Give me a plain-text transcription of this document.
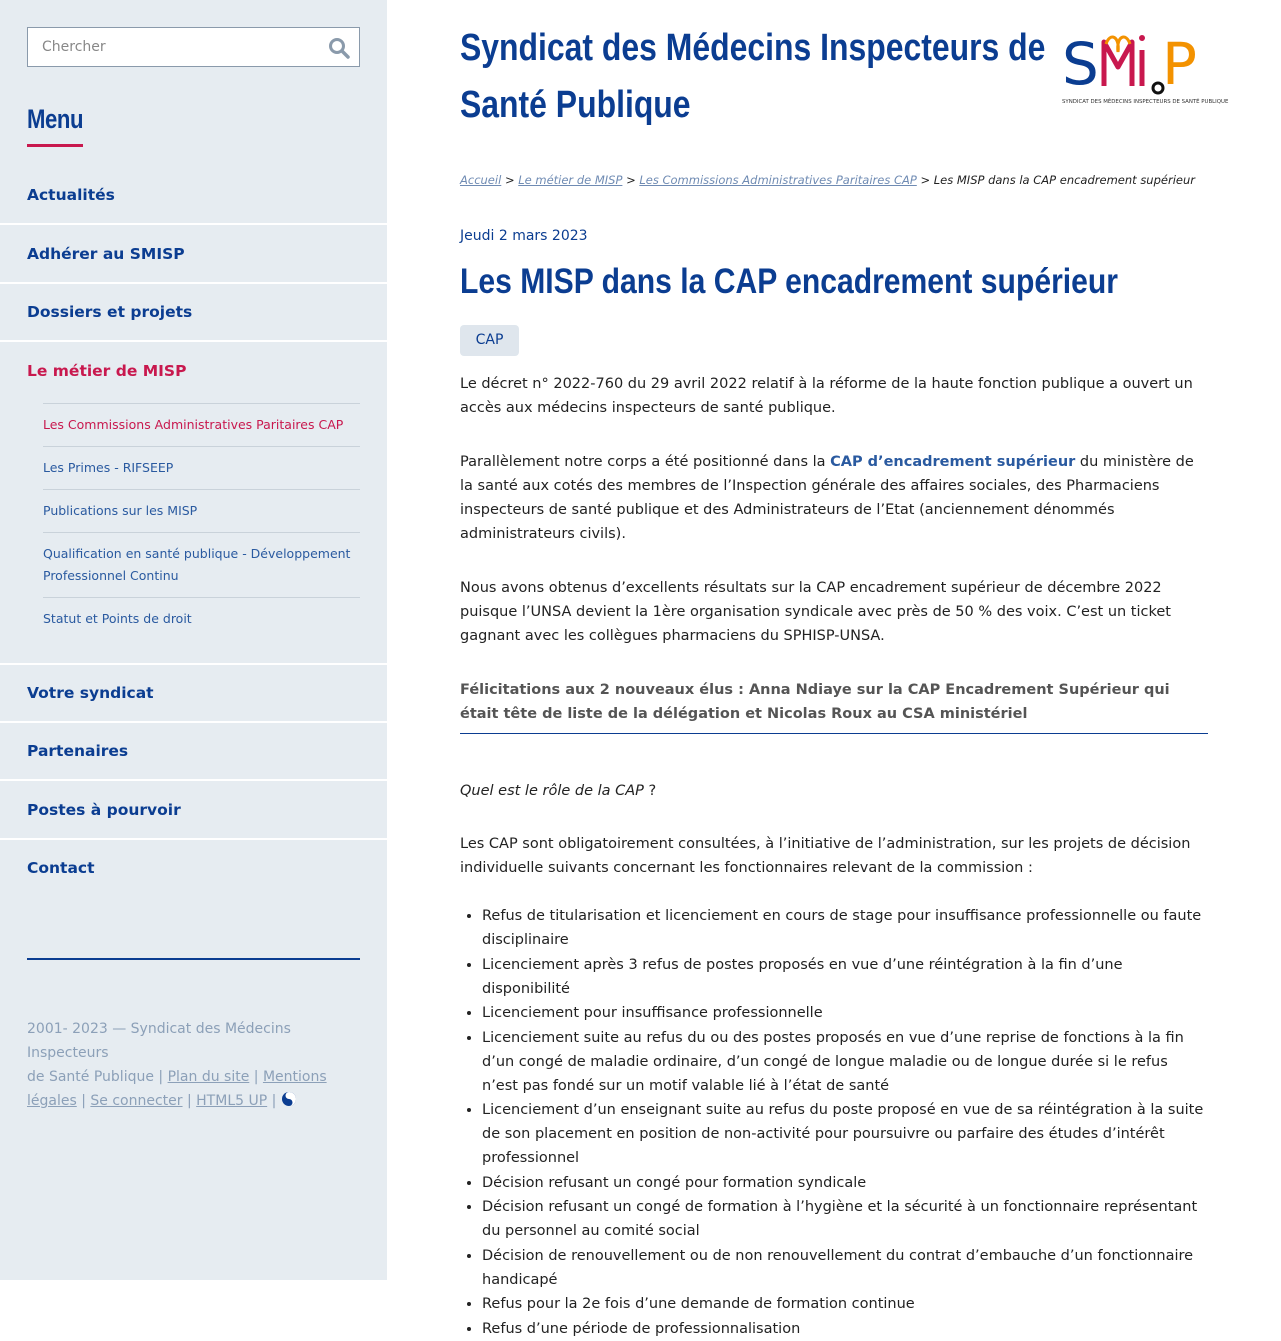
Chercher
Menu
Actualités
Adhérer au SMISP
Dossiers et projets
Le métier de MISP
Les Commissions Administratives Paritaires CAP
Les Primes - RIFSEEP
Publications sur les MISP
Qualification en santé publique - Développement Professionnel Continu
Statut et Points de droit
Votre syndicat
Partenaires
Postes à pourvoir
Contact
2001- 2023 — Syndicat des Médecins Inspecteurs
de Santé Publique | Plan du site | Mentions légales | Se connecter | HTML5 UP |
Syndicat des Médecins Inspecteurs de Santé Publique
S P
SYNDICAT DES MÉDECINS INSPECTEURS DE SANTÉ PUBLIQUE
Accueil > Le métier de MISP > Les Commissions Administratives Paritaires CAP > Les MISP dans la CAP encadrement supérieur
Jeudi 2 mars 2023
Les MISP dans la CAP encadrement supérieur
CAP

Le décret n° 2022-760 du 29 avril 2022 relatif à la réforme de la haute fonction publique a ouvert un accès aux médecins inspecteurs de santé publique.

Parallèlement notre corps a été positionné dans la CAP d’encadrement supérieur du ministère de la santé aux cotés des membres de l’Inspection générale des affaires sociales, des Pharmaciens inspecteurs de santé publique et des Administrateurs de l’Etat (anciennement dénommés administrateurs civils).

Nous avons obtenus d’excellents résultats sur la CAP encadrement supérieur de décembre 2022 puisque l’UNSA devient la 1ère organisation syndicale avec près de 50 % des voix. C’est un ticket gagnant avec les collègues pharmaciens du SPHISP-UNSA.

Félicitations aux 2 nouveaux élus : Anna Ndiaye sur la CAP Encadrement Supérieur qui était tête de liste de la délégation et Nicolas Roux au CSA ministériel

Quel est le rôle de la CAP ?

Les CAP sont obligatoirement consultées, à l’initiative de l’administration, sur les projets de décision individuelle suivants concernant les fonctionnaires relevant de la commission :

• Refus de titularisation et licenciement en cours de stage pour insuffisance professionnelle ou faute disciplinaire
• Licenciement après 3 refus de postes proposés en vue d’une réintégration à la fin d’une disponibilité
• Licenciement pour insuffisance professionnelle
• Licenciement suite au refus du ou des postes proposés en vue d’une reprise de fonctions à la fin d’un congé de maladie ordinaire, d’un congé de longue maladie ou de longue durée si le refus n’est pas fondé sur un motif valable lié à l’état de santé
• Licenciement d’un enseignant suite au refus du poste proposé en vue de sa réintégration à la suite de son placement en position de non-activité pour poursuivre ou parfaire des études d’intérêt professionnel
• Décision refusant un congé pour formation syndicale
• Décision refusant un congé de formation à l’hygiène et la sécurité à un fonctionnaire représentant du personnel au comité social
• Décision de renouvellement ou de non renouvellement du contrat d’embauche d’un fonctionnaire handicapé
• Refus pour la 2e fois d’une demande de formation continue
• Refus d’une période de professionnalisation
